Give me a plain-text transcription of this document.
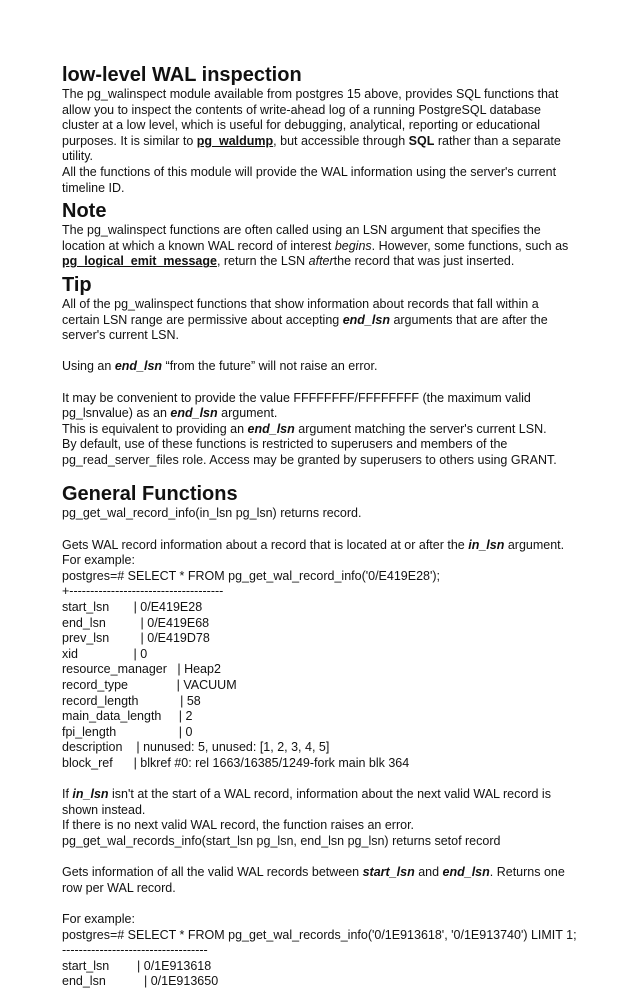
low-level WAL inspection

The pg_walinspect module available from postgres 15 above, provides SQL functions that allow you to inspect the contents of write-ahead log of a running PostgreSQL database cluster at a low level, which is useful for debugging, analytical, reporting or educational purposes. It is similar to pg_waldump, but accessible through SQL rather than a separate utility.

All the functions of this module will provide the WAL information using the server's current timeline ID.

Note

The pg_walinspect functions are often called using an LSN argument that specifies the location at which a known WAL record of interest begins. However, some functions, such as pg_logical_emit_message, return the LSN afterthe record that was just inserted.

Tip

All of the pg_walinspect functions that show information about records that fall within a certain LSN range are permissive about accepting end_lsn arguments that are after the server's current LSN.

Using an end_lsn “from the future” will not raise an error.

It may be convenient to provide the value FFFFFFFF/FFFFFFFF (the maximum valid pg_lsnvalue) as an end_lsn argument.

This is equivalent to providing an end_lsn argument matching the server's current LSN.

By default, use of these functions is restricted to superusers and members of the pg_read_server_files role. Access may be granted by superusers to others using GRANT.

General Functions

pg_get_wal_record_info(in_lsn pg_lsn) returns record.

Gets WAL record information about a record that is located at or after the in_lsn argument. For example:

postgres=# SELECT * FROM pg_get_wal_record_info('0/E419E28');

+-------------------------------------

start_lsn | 0/E419E28
end_lsn | 0/E419E68
prev_lsn | 0/E419D78
xid | 0
resource_manager | Heap2
record_type | VACUUM
record_length | 58
main_data_length | 2
fpi_length | 0
description | nunused: 5, unused: [1, 2, 3, 4, 5]
block_ref | blkref #0: rel 1663/16385/1249-fork main blk 364

If in_lsn isn't at the start of a WAL record, information about the next valid WAL record is shown instead.

If there is no next valid WAL record, the function raises an error.

pg_get_wal_records_info(start_lsn pg_lsn, end_lsn pg_lsn) returns setof record

Gets information of all the valid WAL records between start_lsn and end_lsn. Returns one row per WAL record.

For example:

postgres=# SELECT * FROM pg_get_wal_records_info('0/1E913618', '0/1E913740') LIMIT 1;

-----------------------------------

start_lsn | 0/1E913618
end_lsn | 0/1E913650
